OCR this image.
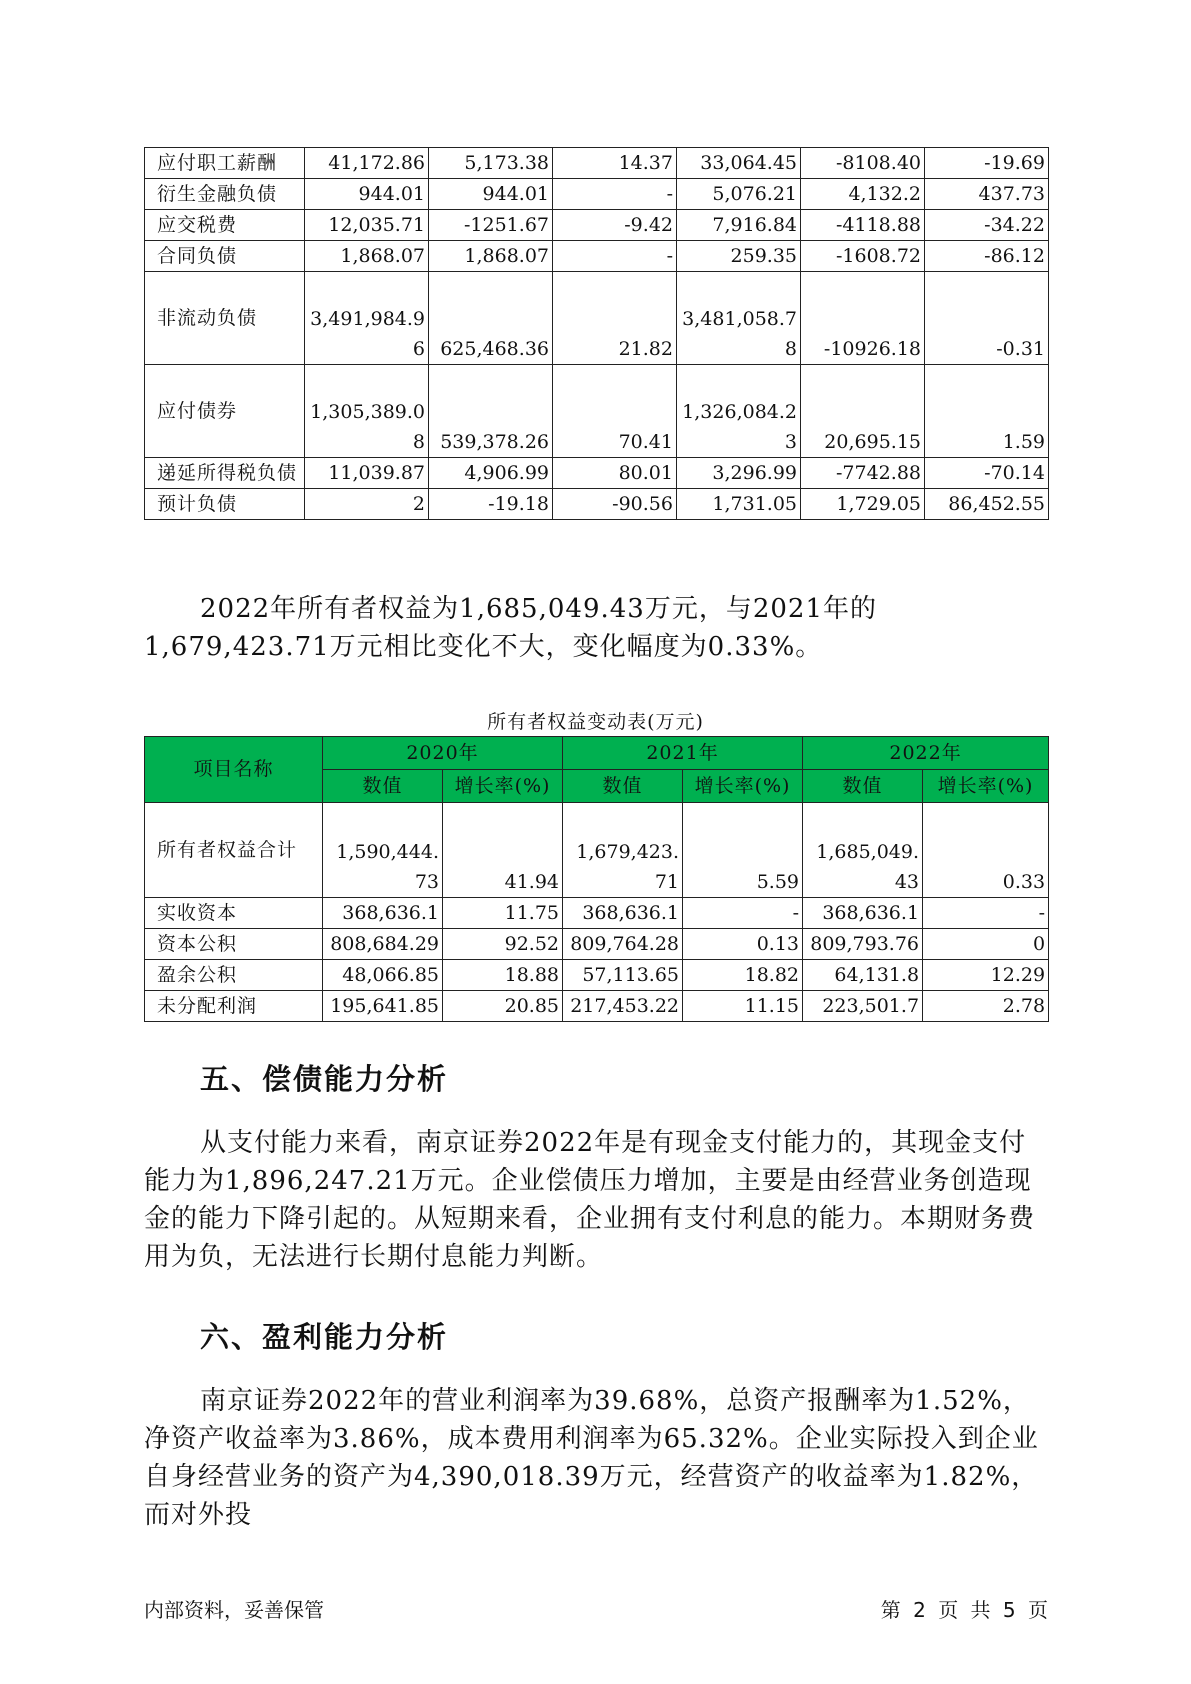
应付职工薪酬	41,172.86	5,173.38	14.37	33,064.45	-8108.40	-19.69
衍生金融负债	944.01	944.01	-	5,076.21	4,132.2	437.73
应交税费	12,035.71	-1251.67	-9.42	7,916.84	-4118.88	-34.22
合同负债	1,868.07	1,868.07	-	259.35	-1608.72	-86.12
非流动负债	3,491,984.96	625,468.36	21.82	3,481,058.78	-10926.18	-0.31
应付债券	1,305,389.08	539,378.26	70.41	1,326,084.23	20,695.15	1.59
递延所得税负债	11,039.87	4,906.99	80.01	3,296.99	-7742.88	-70.14
预计负债	2	-19.18	-90.56	1,731.05	1,729.05	86,452.55

2022年所有者权益为1,685,049.43万元，与2021年的1,679,423.71万元相比变化不大，变化幅度为0.33%。

所有者权益变动表(万元)

项目名称	2020年		2021年		2022年	
	数值	增长率(%)	数值	增长率(%)	数值	增长率(%)
所有者权益合计	1,590,444.73	41.94	1,679,423.71	5.59	1,685,049.43	0.33
实收资本	368,636.1	11.75	368,636.1	-	368,636.1	-
资本公积	808,684.29	92.52	809,764.28	0.13	809,793.76	0
盈余公积	48,066.85	18.88	57,113.65	18.82	64,131.8	12.29
未分配利润	195,641.85	20.85	217,453.22	11.15	223,501.7	2.78
五、偿债能力分析

从支付能力来看，南京证券2022年是有现金支付能力的，其现金支付能力为1,896,247.21万元。企业偿债压力增加，主要是由经营业务创造现金的能力下降引起的。从短期来看，企业拥有支付利息的能力。本期财务费用为负，无法进行长期付息能力判断。

六、盈利能力分析

南京证券2022年的营业利润率为39.68%，总资产报酬率为1.52%，净资产收益率为3.86%，成本费用利润率为65.32%。企业实际投入到企业自身经营业务的资产为4,390,018.39万元，经营资产的收益率为1.82%，而对外投

内部资料，妥善保管	第 2 页 共 5 页
